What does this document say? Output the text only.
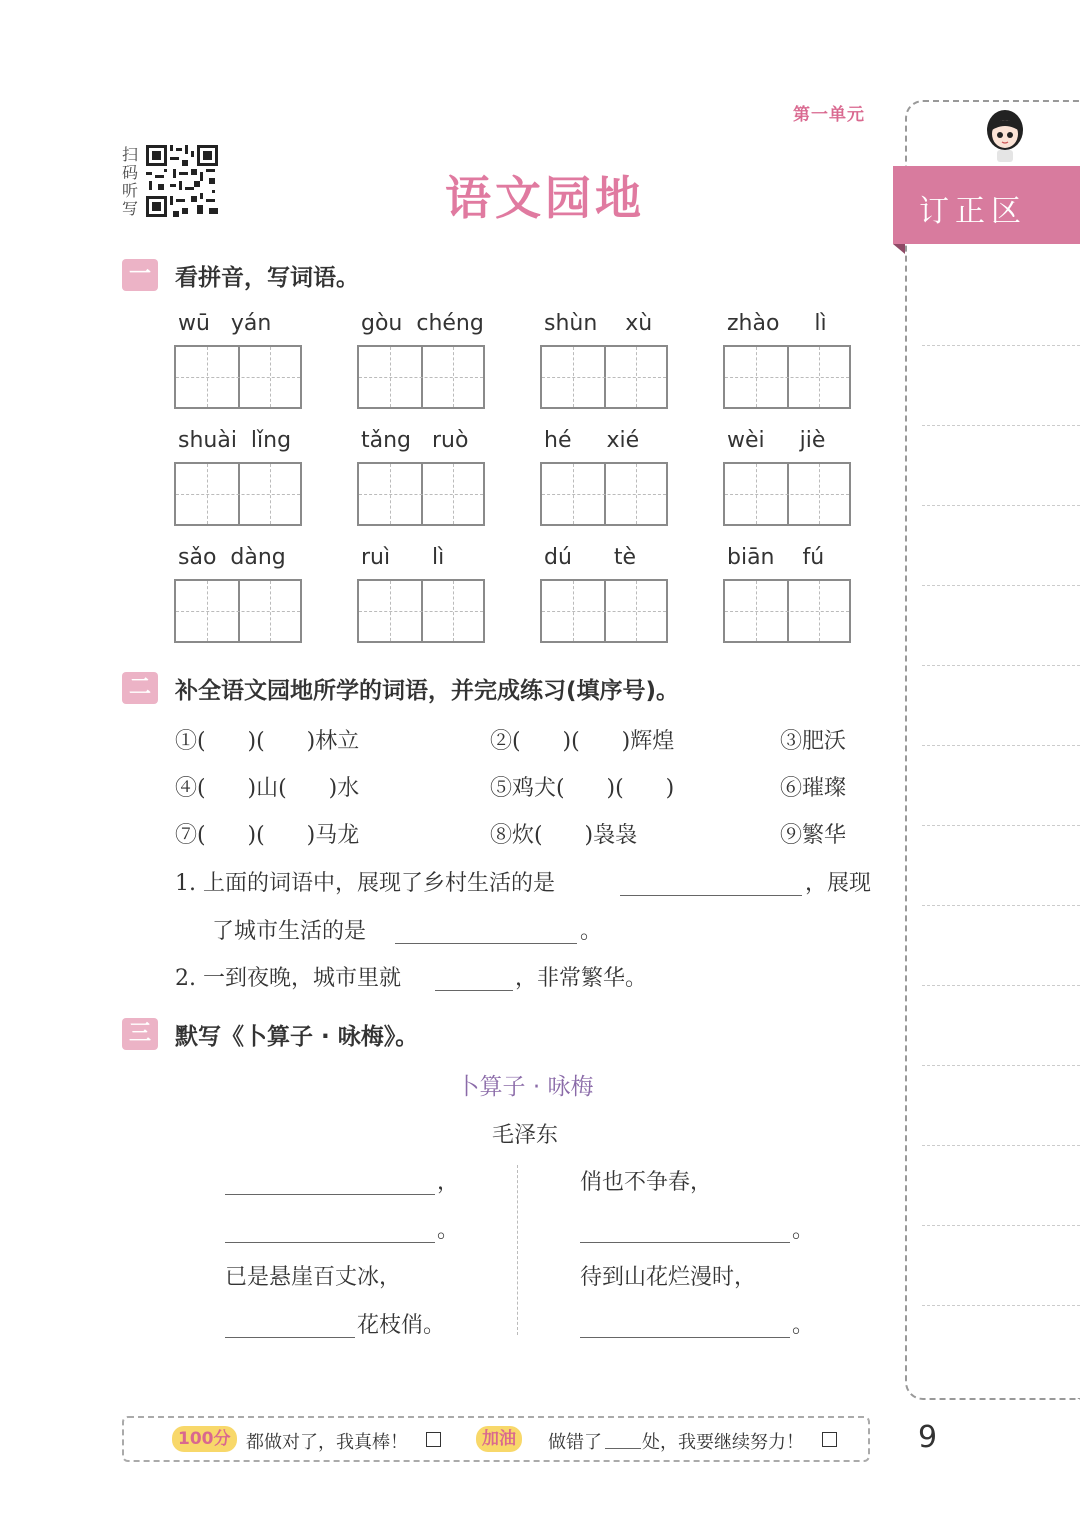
第一单元
扫码听写	语文园地	订正区
9
一	看拼音，写词语。
wū   yán	gòu  chéng	shùn    xù	zhào     lì
shuài  lǐng	tǎng   ruò	hé     xié	wèi     jiè
sǎo  dàng	ruì      lì	dú      tè	biān    fú
二	补全语文园地所学的词语，并完成练习(填序号)。
①(      )(      )林立	②(      )(      )辉煌	③肥沃
④(      )山(      )水	⑤鸡犬(      )(      )	⑥璀璨
⑦(      )(      )马龙	⑧炊(      )袅袅	⑨繁华
1. 上面的词语中，展现了乡村生活的是	，展现
了城市生活的是	。
2. 一到夜晚，城市里就	，非常繁华。
三	默写《卜算子 · 咏梅》。
卜算子 · 咏梅
毛泽东
，
。
已是悬崖百丈冰，
花枝俏。
俏也不争春，
。
待到山花烂漫时，
。
100分 都做对了，我真棒！	加油	做错了 处，我要继续努力！
